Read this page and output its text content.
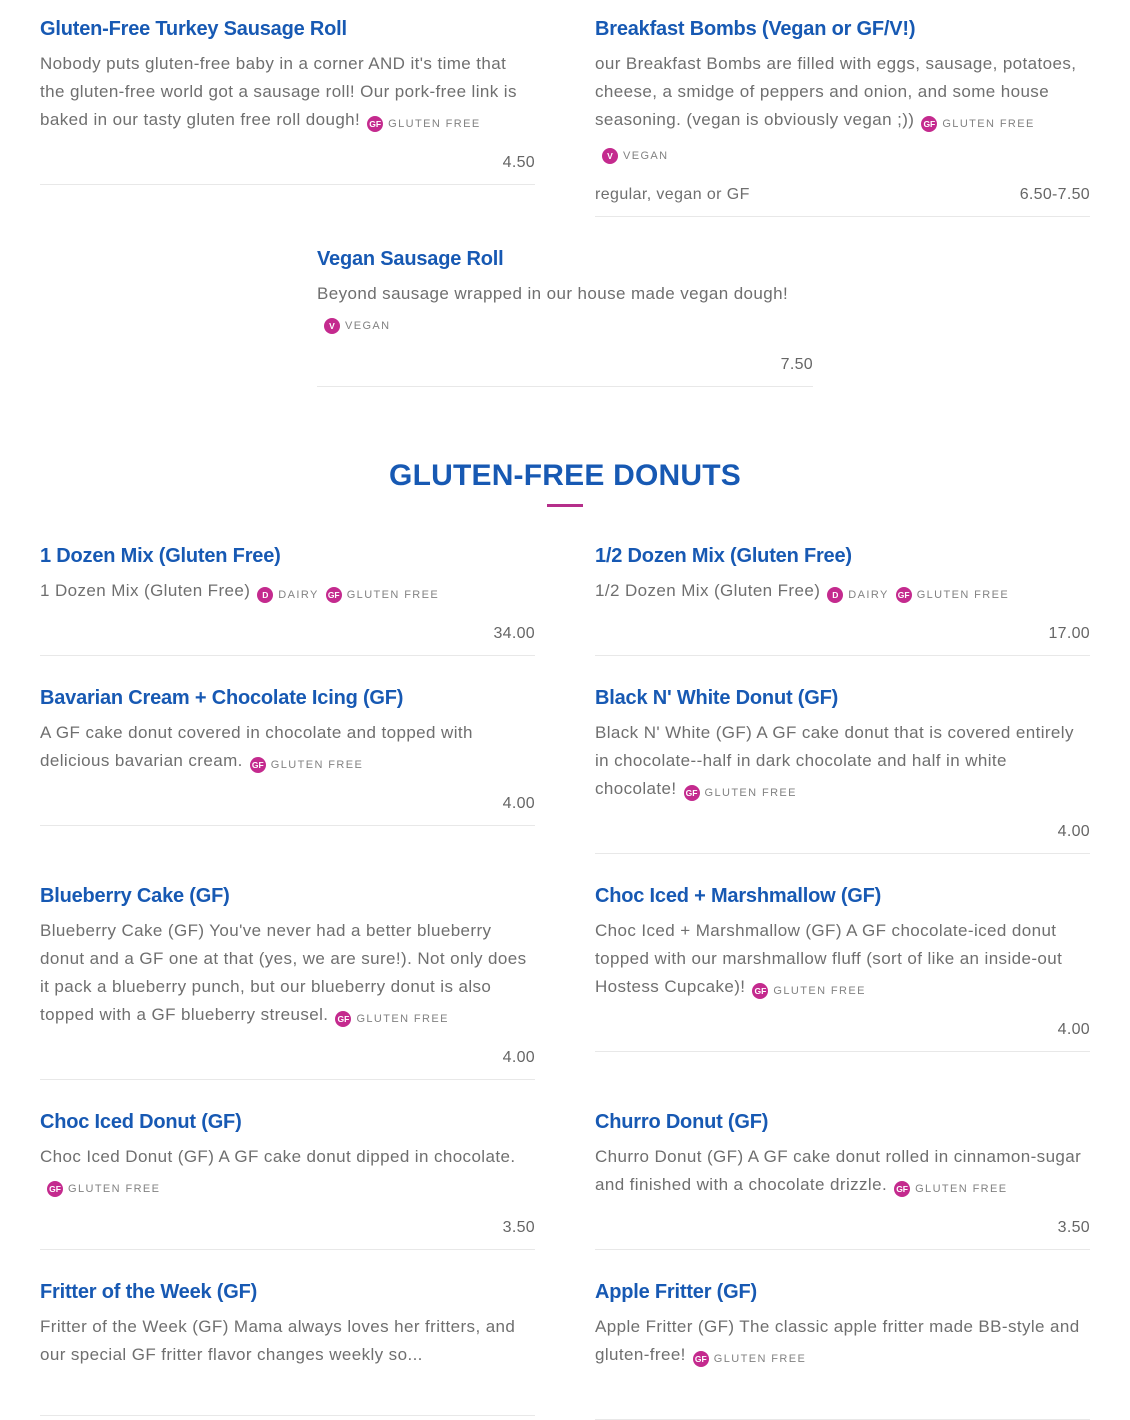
Gluten-Free Turkey Sausage Roll

Nobody puts gluten-free baby in a corner AND it's time that the gluten-free world got a sausage roll! Our pork-free link is baked in our tasty gluten free roll dough! GF GLUTEN FREE

4.50
Breakfast Bombs (Vegan or GF/V!)

our Breakfast Bombs are filled with eggs, sausage, potatoes, cheese, a smidge of peppers and onion, and some house seasoning. (vegan is obviously vegan ;)) GF GLUTEN FREE
V VEGAN

regular, vegan or GF	6.50-7.50
Vegan Sausage Roll

Beyond sausage wrapped in our house made vegan dough!
V VEGAN

7.50
GLUTEN-FREE DONUTS
1 Dozen Mix (Gluten Free)

1 Dozen Mix (Gluten Free)	D DAIRY GF GLUTEN FREE

34.00
1/2 Dozen Mix (Gluten Free)

1/2 Dozen Mix (Gluten Free)	D DAIRY GF GLUTEN FREE

17.00
Bavarian Cream + Chocolate Icing (GF)

A GF cake donut covered in chocolate and topped with delicious bavarian cream. GF GLUTEN FREE

4.00
Black N' White Donut (GF)

Black N' White (GF) A GF cake donut that is covered entirely in chocolate--half in dark chocolate and half in white chocolate! GF GLUTEN FREE

4.00
Blueberry Cake (GF)

Blueberry Cake (GF) You've never had a better blueberry donut and a GF one at that (yes, we are sure!). Not only does it pack a blueberry punch, but our blueberry donut is also topped with a GF blueberry streusel. GF GLUTEN FREE

4.00
Choc Iced + Marshmallow (GF)

Choc Iced + Marshmallow (GF) A GF chocolate-iced donut topped with our marshmallow fluff (sort of like an inside-out Hostess Cupcake)! GF GLUTEN FREE

4.00
Choc Iced Donut (GF)

Choc Iced Donut (GF) A GF cake donut dipped in chocolate.
GF GLUTEN FREE

3.50
Churro Donut (GF)

Churro Donut (GF) A GF cake donut rolled in cinnamon-sugar and finished with a chocolate drizzle. GF GLUTEN FREE

3.50
Fritter of the Week (GF)

Fritter of the Week (GF) Mama always loves her fritters, and our special GF fritter flavor changes weekly so...

Apple Fritter (GF)

Apple Fritter (GF) The classic apple fritter made BB-style and gluten-free! GF GLUTEN FREE
